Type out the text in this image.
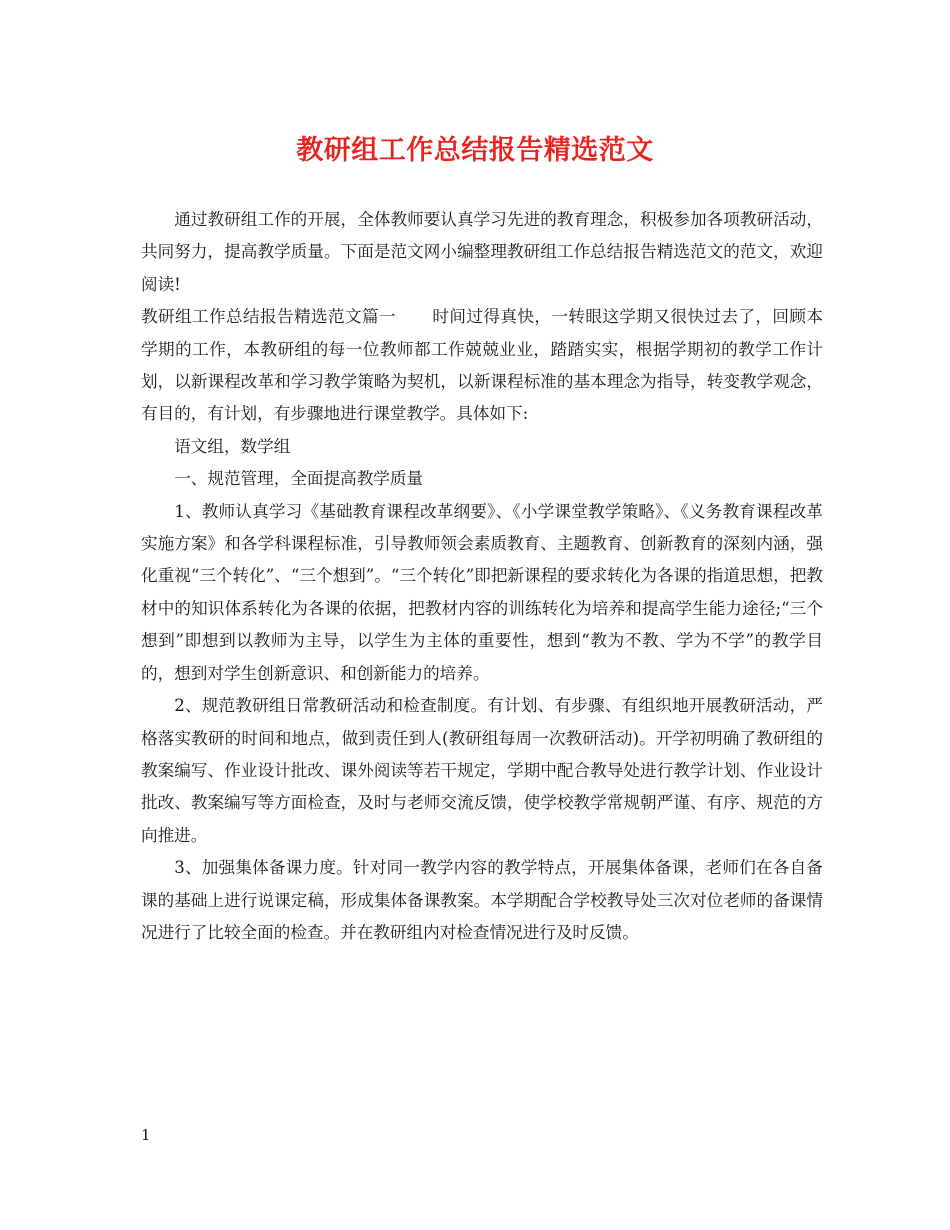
教研组工作总结报告精选范文

通过教研组工作的开展，全体教师要认真学习先进的教育理念，积极参加各项教研活动，共同努力，提高教学质量。下面是范文网小编整理教研组工作总结报告精选范文的范文，欢迎阅读!

教研组工作总结报告精选范文篇一 时间过得真快，一转眼这学期又很快过去了，回顾本学期的工作，本教研组的每一位教师都工作兢兢业业，踏踏实实，根据学期初的教学工作计划，以新课程改革和学习教学策略为契机，以新课程标准的基本理念为指导，转变教学观念，有目的，有计划，有步骤地进行课堂教学。具体如下:

语文组，数学组

一、规范管理，全面提高教学质量

1、教师认真学习《基础教育课程改革纲要》、《小学课堂教学策略》、《义务教育课程改革实施方案》和各学科课程标准，引导教师领会素质教育、主题教育、创新教育的深刻内涵，强化重视“三个转化”、“三个想到”。“三个转化”即把新课程的要求转化为各课的指道思想，把教材中的知识体系转化为各课的依据，把教材内容的训练转化为培养和提高学生能力途径;“三个想到”即想到以教师为主导，以学生为主体的重要性，想到“教为不教、学为不学”的教学目的，想到对学生创新意识、和创新能力的培养。

2、规范教研组日常教研活动和检查制度。有计划、有步骤、有组织地开展教研活动，严格落实教研的时间和地点，做到责任到人(教研组每周一次教研活动)。开学初明确了教研组的教案编写、作业设计批改、课外阅读等若干规定，学期中配合教导处进行教学计划、作业设计批改、教案编写等方面检查，及时与老师交流反馈，使学校教学常规朝严谨、有序、规范的方向推进。

3、加强集体备课力度。针对同一教学内容的教学特点，开展集体备课，老师们在各自备课的基础上进行说课定稿，形成集体备课教案。本学期配合学校教导处三次对位老师的备课情况进行了比较全面的检查。并在教研组内对检查情况进行及时反馈。

1
